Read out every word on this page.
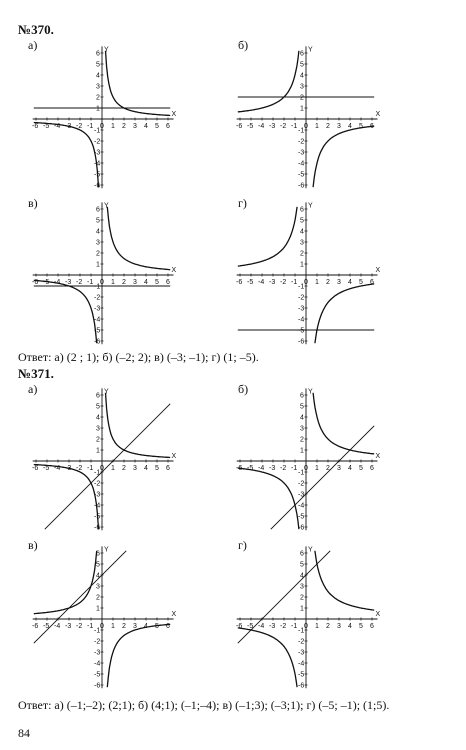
№370.
а)	б)
в)	г)
X
Y
-6 -5 -4 -3 -2 -1 0 1 2 3 4 5 6
6
5
4
3
2
1
-1
-2
-3
-4
-5
-6
X
Y
-6 -5 -4 -3 -2 -1 0 1 2 3 4 5 6
6
5
4
3
2
1
-1
-2
-3
-4
-5
-6
X
Y
-6 -5 -4 -3 -2 -1 0 1 2 3 4 5 6
6
5
4
3
2
1
-1
-2
-3
-4
-5
-6
X
Y
-6 -5 -4 -3 -2 -1 0 1 2 3 4 5 6
6
5
4
3
2
1
-1
-2
-3
-4
-5
-6
Ответ: а) (2 ; 1); б) (–2; 2); в) (–3; –1); г) (1; –5).
№371.
а)	б)
в)	г)
X
Y
-6 -5 -4 -3 -2 -1 0 1 2 3 4 5 6
6
5
4
3
2
1
-1
-2
-3
-4
-5
-6
X
Y
-6 -5 -4 -3 -2 -1 0 1 2 3 4 5 6
6
5
4
3
2
1
-1
-2
-3
-4
-5
-6
X
Y
-6 -5 -4 -3 -2 -1 0 1 2 3 4 5 6
6
5
4
3
2
1
-1
-2
-3
-4
-5
-6
X
Y
-6 -5 -4 -3 -2 -1 0 1 2 3 4 5 6
6
5
4
3
2
1
-1
-2
-3
-4
-5
-6
Ответ: а) (–1;–2); (2;1); б) (4;1); (–1;–4); в) (–1;3); (–3;1); г) (–5; –1); (1;5).
84
